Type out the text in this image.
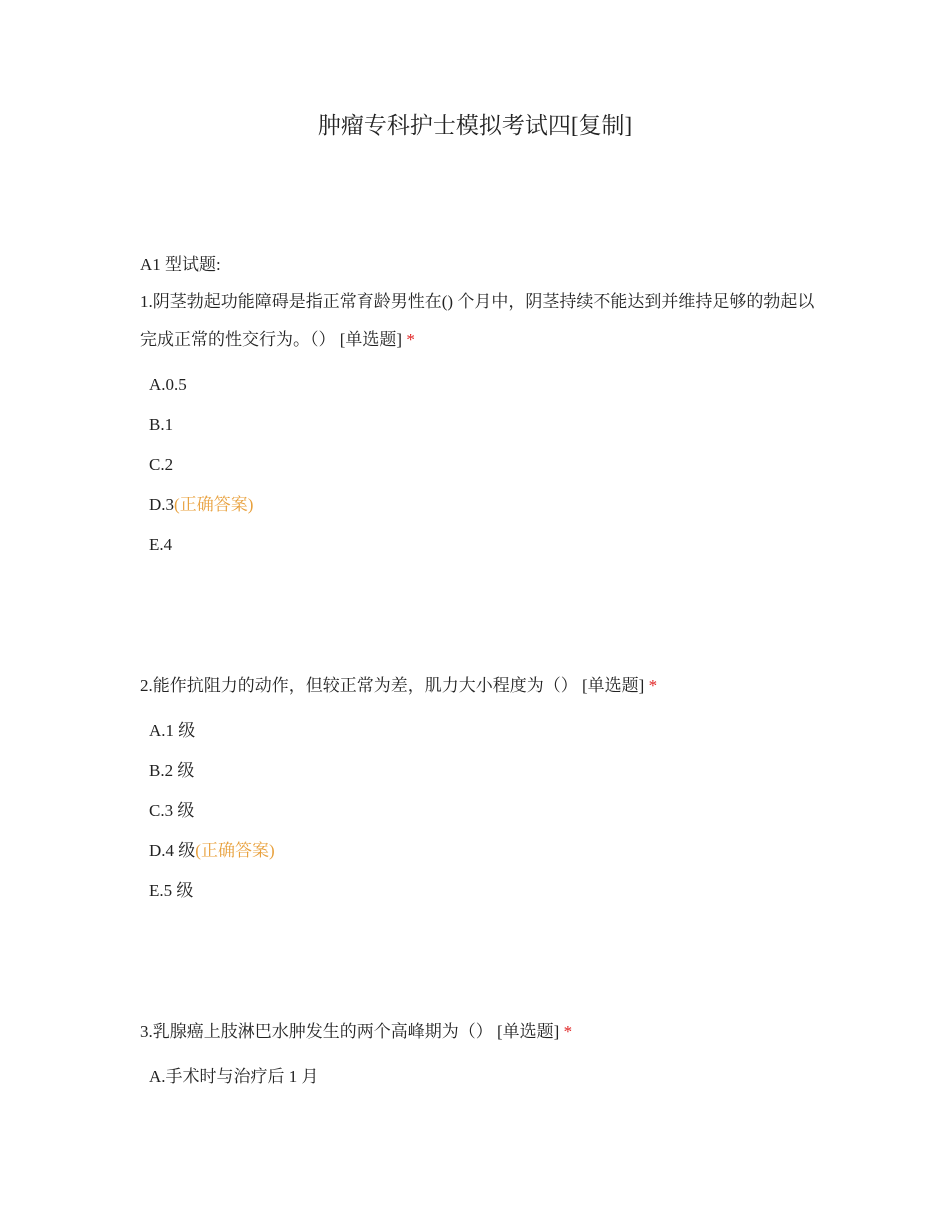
肿瘤专科护士模拟考试四[复制]
A1 型试题:

1.阴茎勃起功能障碍是指正常育龄男性在() 个月中，阴茎持续不能达到并维持足够的勃起以完成正常的性交行为。（） [单选题] *

A.0.5
B.1
C.2
D.3(正确答案)
E.4

2.能作抗阻力的动作，但较正常为差，肌力大小程度为（） [单选题] *

A.1 级
B.2 级
C.3 级
D.4 级(正确答案)
E.5 级

3.乳腺癌上肢淋巴水肿发生的两个高峰期为（） [单选题] *

A.手术时与治疗后 1 月
